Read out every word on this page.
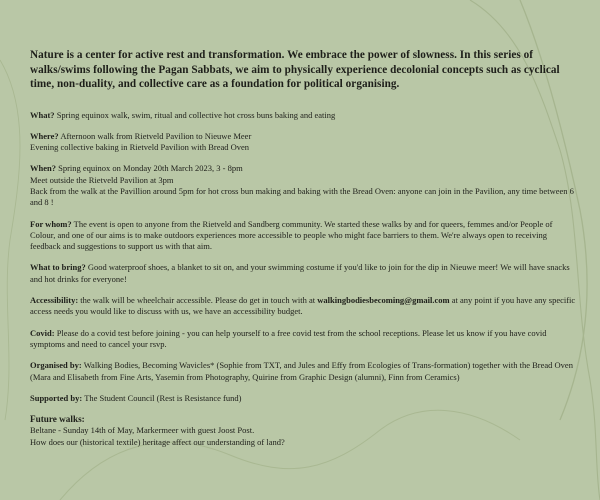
Nature is a center for active rest and transformation. We embrace the power of slowness. In this series of walks/swims following the Pagan Sabbats, we aim to physically experience decolonial concepts such as cyclical time, non-duality, and collective care as a foundation for political organising.

What? Spring equinox walk, swim, ritual and collective hot cross buns baking and eating
Where? Afternoon walk from Rietveld Pavilion to Nieuwe Meer
Evening collective baking in Rietveld Pavilion with Bread Oven
When? Spring equinox on Monday 20th March 2023, 3 - 8pm
Meet outside the Rietveld Pavilion at 3pm
Back from the walk at the Pavillion around 5pm for hot cross bun making and baking with the Bread Oven: anyone can join in the Pavilion, any time between 6 and 8 !
For whom? The event is open to anyone from the Rietveld and Sandberg community. We started these walks by and for queers, femmes and/or People of Colour, and one of our aims is to make outdoors experiences more accessible to people who might face barriers to them. We're always open to receiving feedback and suggestions to support us with that aim.
What to bring? Good waterproof shoes, a blanket to sit on, and your swimming costume if you'd like to join for the dip in Nieuwe meer! We will have snacks and hot drinks for everyone!
Accessibility: the walk will be wheelchair accessible. Please do get in touch with at walkingbodiesbecoming@gmail.com at any point if you have any specific access needs you would like to discuss with us, we have an accessibility budget.
Covid: Please do a covid test before joining - you can help yourself to a free covid test from the school receptions. Please let us know if you have covid symptoms and need to cancel your rsvp.
Organised by: Walking Bodies, Becoming Wavicles* (Sophie from TXT, and Jules and Effy from Ecologies of Trans-formation) together with the Bread Oven (Mara and Elisabeth from Fine Arts, Yasemin from Photography, Quirine from Graphic Design (alumni), Finn from Ceramics)
Supported by: The Student Council (Rest is Resistance fund)
Future walks:
Beltane - Sunday 14th of May, Markermeer with guest Joost Post.
How does our (historical textile) heritage affect our understanding of land?
